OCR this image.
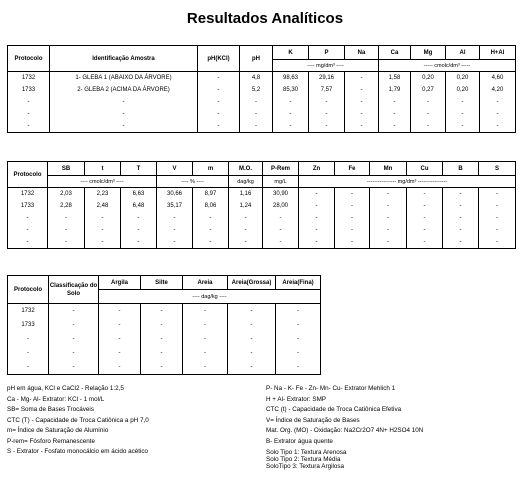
Resultados Analíticos
Protocolo	Identificação Amostra	pH(KCl)	pH	K	P	Na	Ca	Mg	Al	H+Al
				---- mg/dm³ ----			----- cmolc/dm³ -----			
1732	1- GLEBA 1 (ABAIXO DA ÁRVORE)	-	4,8	98,63	29,16	-	1,58	0,20	0,20	4,60
1733	2- GLEBA 2 (ACIMA DA ÁRVORE)	-	5,2	85,30	7,57	-	1,79	0,27	0,20	4,20
-	-	-	-	-	-	-	-	-	-	-
-	-	-	-	-	-	-	-	-	-	-
-	-	-	-	-	-	-	-	-	-	-
Protocolo	SB	t	T	V	m	M.O.	P-Rem	Zn	Fe	Mn	Cu	B	S
	---- cmolc/dm³ ----			---- % ----		dag/kg	mg/L	---------------- mg/dm³ ----------------					
1732	2,03	2,23	6,63	30,66	8,97	1,16	30,90	-	-	-	-	-	-
1733	2,28	2,48	6,48	35,17	8,06	1,24	28,00	-	-	-	-	-	-
-	-	-	-	-	-	-	-	-	-	-	-	-	-
-	-	-	-	-	-	-	-	-	-	-	-	-	-
-	-	-	-	-	-	-	-	-	-	-	-	-	-
Protocolo	Classificação do Solo	Argila	Silte	Areia	Areia(Grossa)	Areia(Fina)
		---- dag/kg ----				
1732	-	-	-	-	-	-
1733	-	-	-	-	-	-
-	-	-	-	-	-	-
-	-	-	-	-	-	-
-	-	-	-	-	-	-
pH em água, KCl e CaCl2 - Relação 1:2,5
Ca - Mg- Al- Extrator: KCl - 1 mol/L
SB= Soma de Bases Trocáveis
CTC (T) - Capacidade de Troca Catiônica a pH 7,0
m= Índice de Saturação de Alumínio
P-rem= Fósforo Remanescente
S - Extrator - Fosfato monocálcio em ácido acético
P- Na - K- Fe - Zn- Mn- Cu- Extrator Mehlich 1
H + Al- Extrator: SMP
CTC (t) - Capacidade de Troca Catiônica Efetiva
V= Índice de Saturação de Bases
Mat. Org. (MO) - Oxidação: Na2Cr2O7 4N+ H2SO4 10N
B- Extrator água quente
Solo Tipo 1: Textura Arenosa
Solo Tipo 2: Textura Média
SoloTipo 3: Textura Argilosa
